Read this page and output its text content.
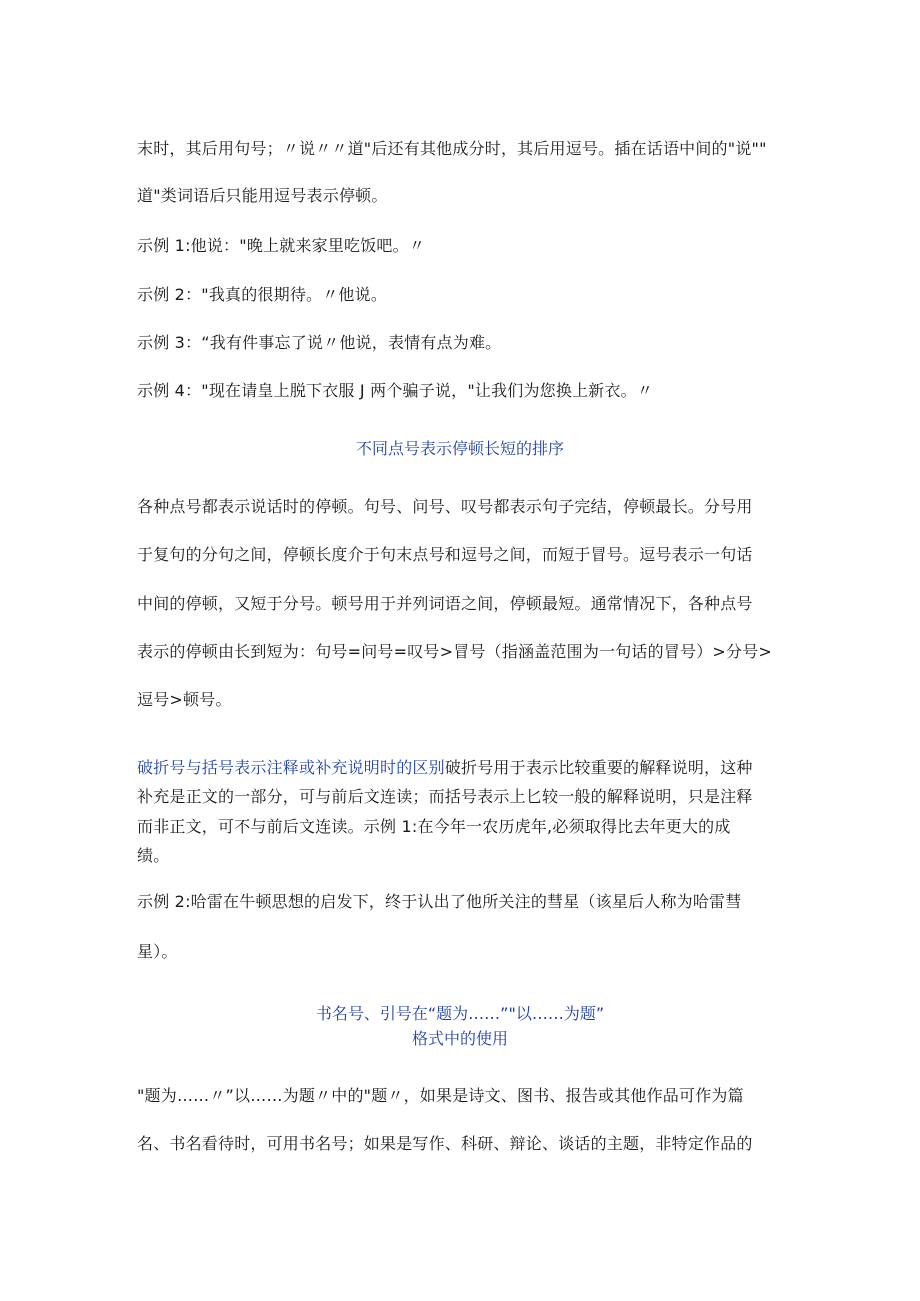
末时，其后用句号；〃说〃〃道"后还有其他成分时，其后用逗号。插在话语中间的"说""
道"类词语后只能用逗号表示停顿。
示例 1:他说："晚上就来家里吃饭吧。〃
示例 2："我真的很期待。〃他说。
示例 3：“我有件事忘了说〃他说，表情有点为难。
示例 4："现在请皇上脱下衣服 J 两个骗子说，"让我们为您换上新衣。〃
不同点号表示停顿长短的排序
各种点号都表示说话时的停顿。句号、问号、叹号都表示句子完结，停顿最长。分号用
于复句的分句之间，停顿长度介于句末点号和逗号之间，而短于冒号。逗号表示一句话
中间的停顿，又短于分号。顿号用于并列词语之间，停顿最短。通常情况下，各种点号
表示的停顿由长到短为：句号=问号=叹号>冒号（指涵盖范围为一句话的冒号）>分号>
逗号>顿号。
破折号与括号表示注释或补充说明时的区别破折号用于表示比较重要的解释说明，这种
补充是正文的一部分，可与前后文连读；而括号表示上匕较一般的解释说明，只是注释
而非正文，可不与前后文连读。示例 1:在今年一农历虎年,必须取得比去年更大的成
绩。
示例 2:哈雷在牛顿思想的启发下，终于认出了他所关注的彗星（该星后人称为哈雷彗
星）。
书名号、引号在“题为……”"以……为题”
格式中的使用
"题为……〃”以……为题〃中的"题〃，如果是诗文、图书、报告或其他作品可作为篇
名、书名看待时，可用书名号；如果是写作、科研、辩论、谈话的主题，非特定作品的
